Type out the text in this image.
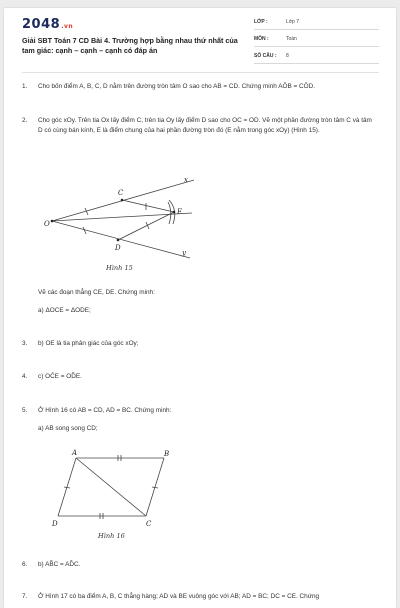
2048.vn
Giải SBT Toán 7 CD Bài 4. Trường hợp bằng nhau thứ nhất của tam giác: cạnh – cạnh – cạnh có đáp án
LỚP :	Lớp 7
MÔN :	Toán
SỐ CÂU : 8
1.	Cho bốn điểm A, B, C, D nằm trên đường tròn tâm O sao cho AB = CD. Chứng minh AÔB = CÔD.
2.	Cho góc xOy. Trên tia Ox lấy điểm C, trên tia Oy lấy điểm D sao cho OC = OD. Vẽ một phần đường tròn tâm C và tâm D có cùng bán kính, E là điểm chung của hai phần đường tròn đó (E nằm trong góc xOy) (Hình 15).
O
C
D
E
x
y
Hình 15
Vẽ các đoạn thẳng CE, DE. Chứng minh:
a) ΔOCE = ΔODE;
3.	b) OE là tia phân giác của góc xOy;
4.	c) OĈE = OD̂E.
5.	Ở Hình 16 có AB = CD, AD = BC. Chứng minh:
a) AB song song CD;
A	B
C
D
Hình 16
6.	b) AB̂C = AD̂C.
7.	Ở Hình 17 có ba điểm A, B, C thẳng hàng; AD và BE vuông góc với AB; AD = BC; DC = CE. Chứng
